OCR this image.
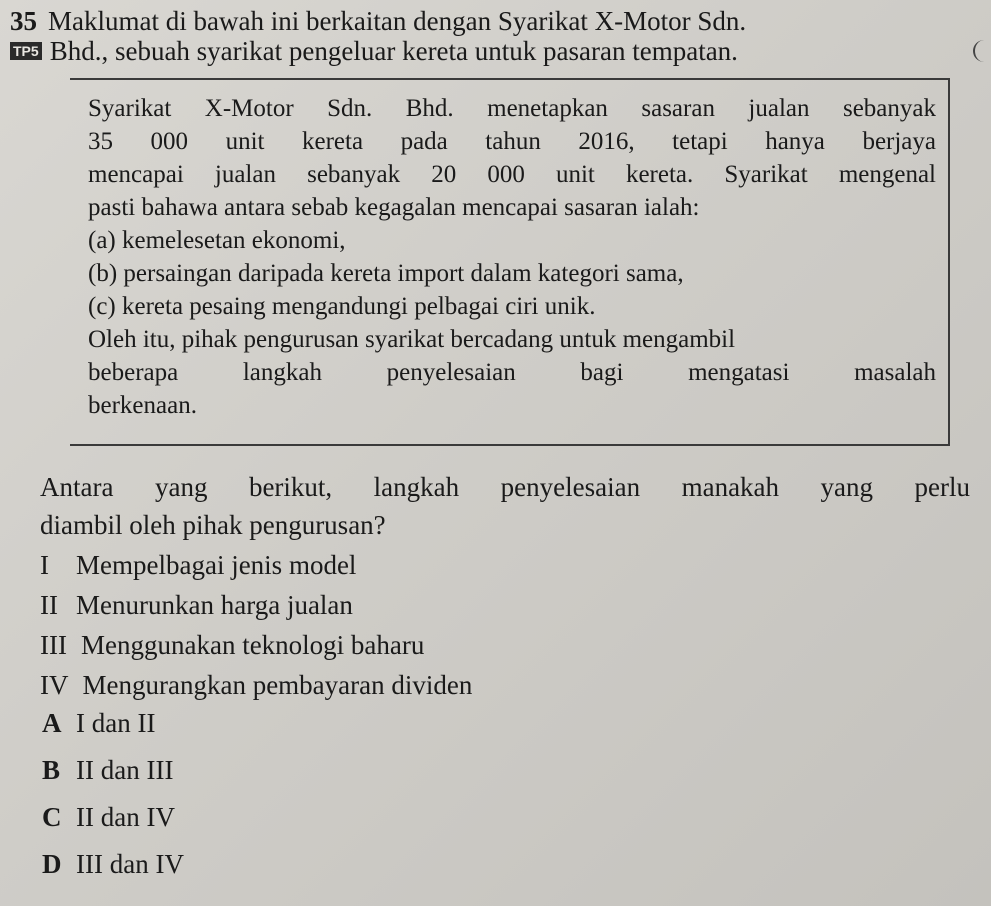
35 Maklumat di bawah ini berkaitan dengan Syarikat X-Motor Sdn.
TP5 Bhd., sebuah syarikat pengeluar kereta untuk pasaran tempatan.
Syarikat X-Motor Sdn. Bhd. menetapkan sasaran jualan sebanyak
35 000 unit kereta pada tahun 2016, tetapi hanya berjaya
mencapai jualan sebanyak 20 000 unit kereta. Syarikat mengenal
pasti bahawa antara sebab kegagalan mencapai sasaran ialah:
(a) kemelesetan ekonomi,
(b) persaingan daripada kereta import dalam kategori sama,
(c) kereta pesaing mengandungi pelbagai ciri unik.
Oleh itu, pihak pengurusan syarikat bercadang untuk mengambil
beberapa langkah penyelesaian bagi mengatasi masalah
berkenaan.
Antara yang berikut, langkah penyelesaian manakah yang perlu
diambil oleh pihak pengurusan?
I Mempelbagai jenis model
II Menurunkan harga jualan
III Menggunakan teknologi baharu
IV Mengurangkan pembayaran dividen
A I dan II
B II dan III
C II dan IV
D III dan IV
